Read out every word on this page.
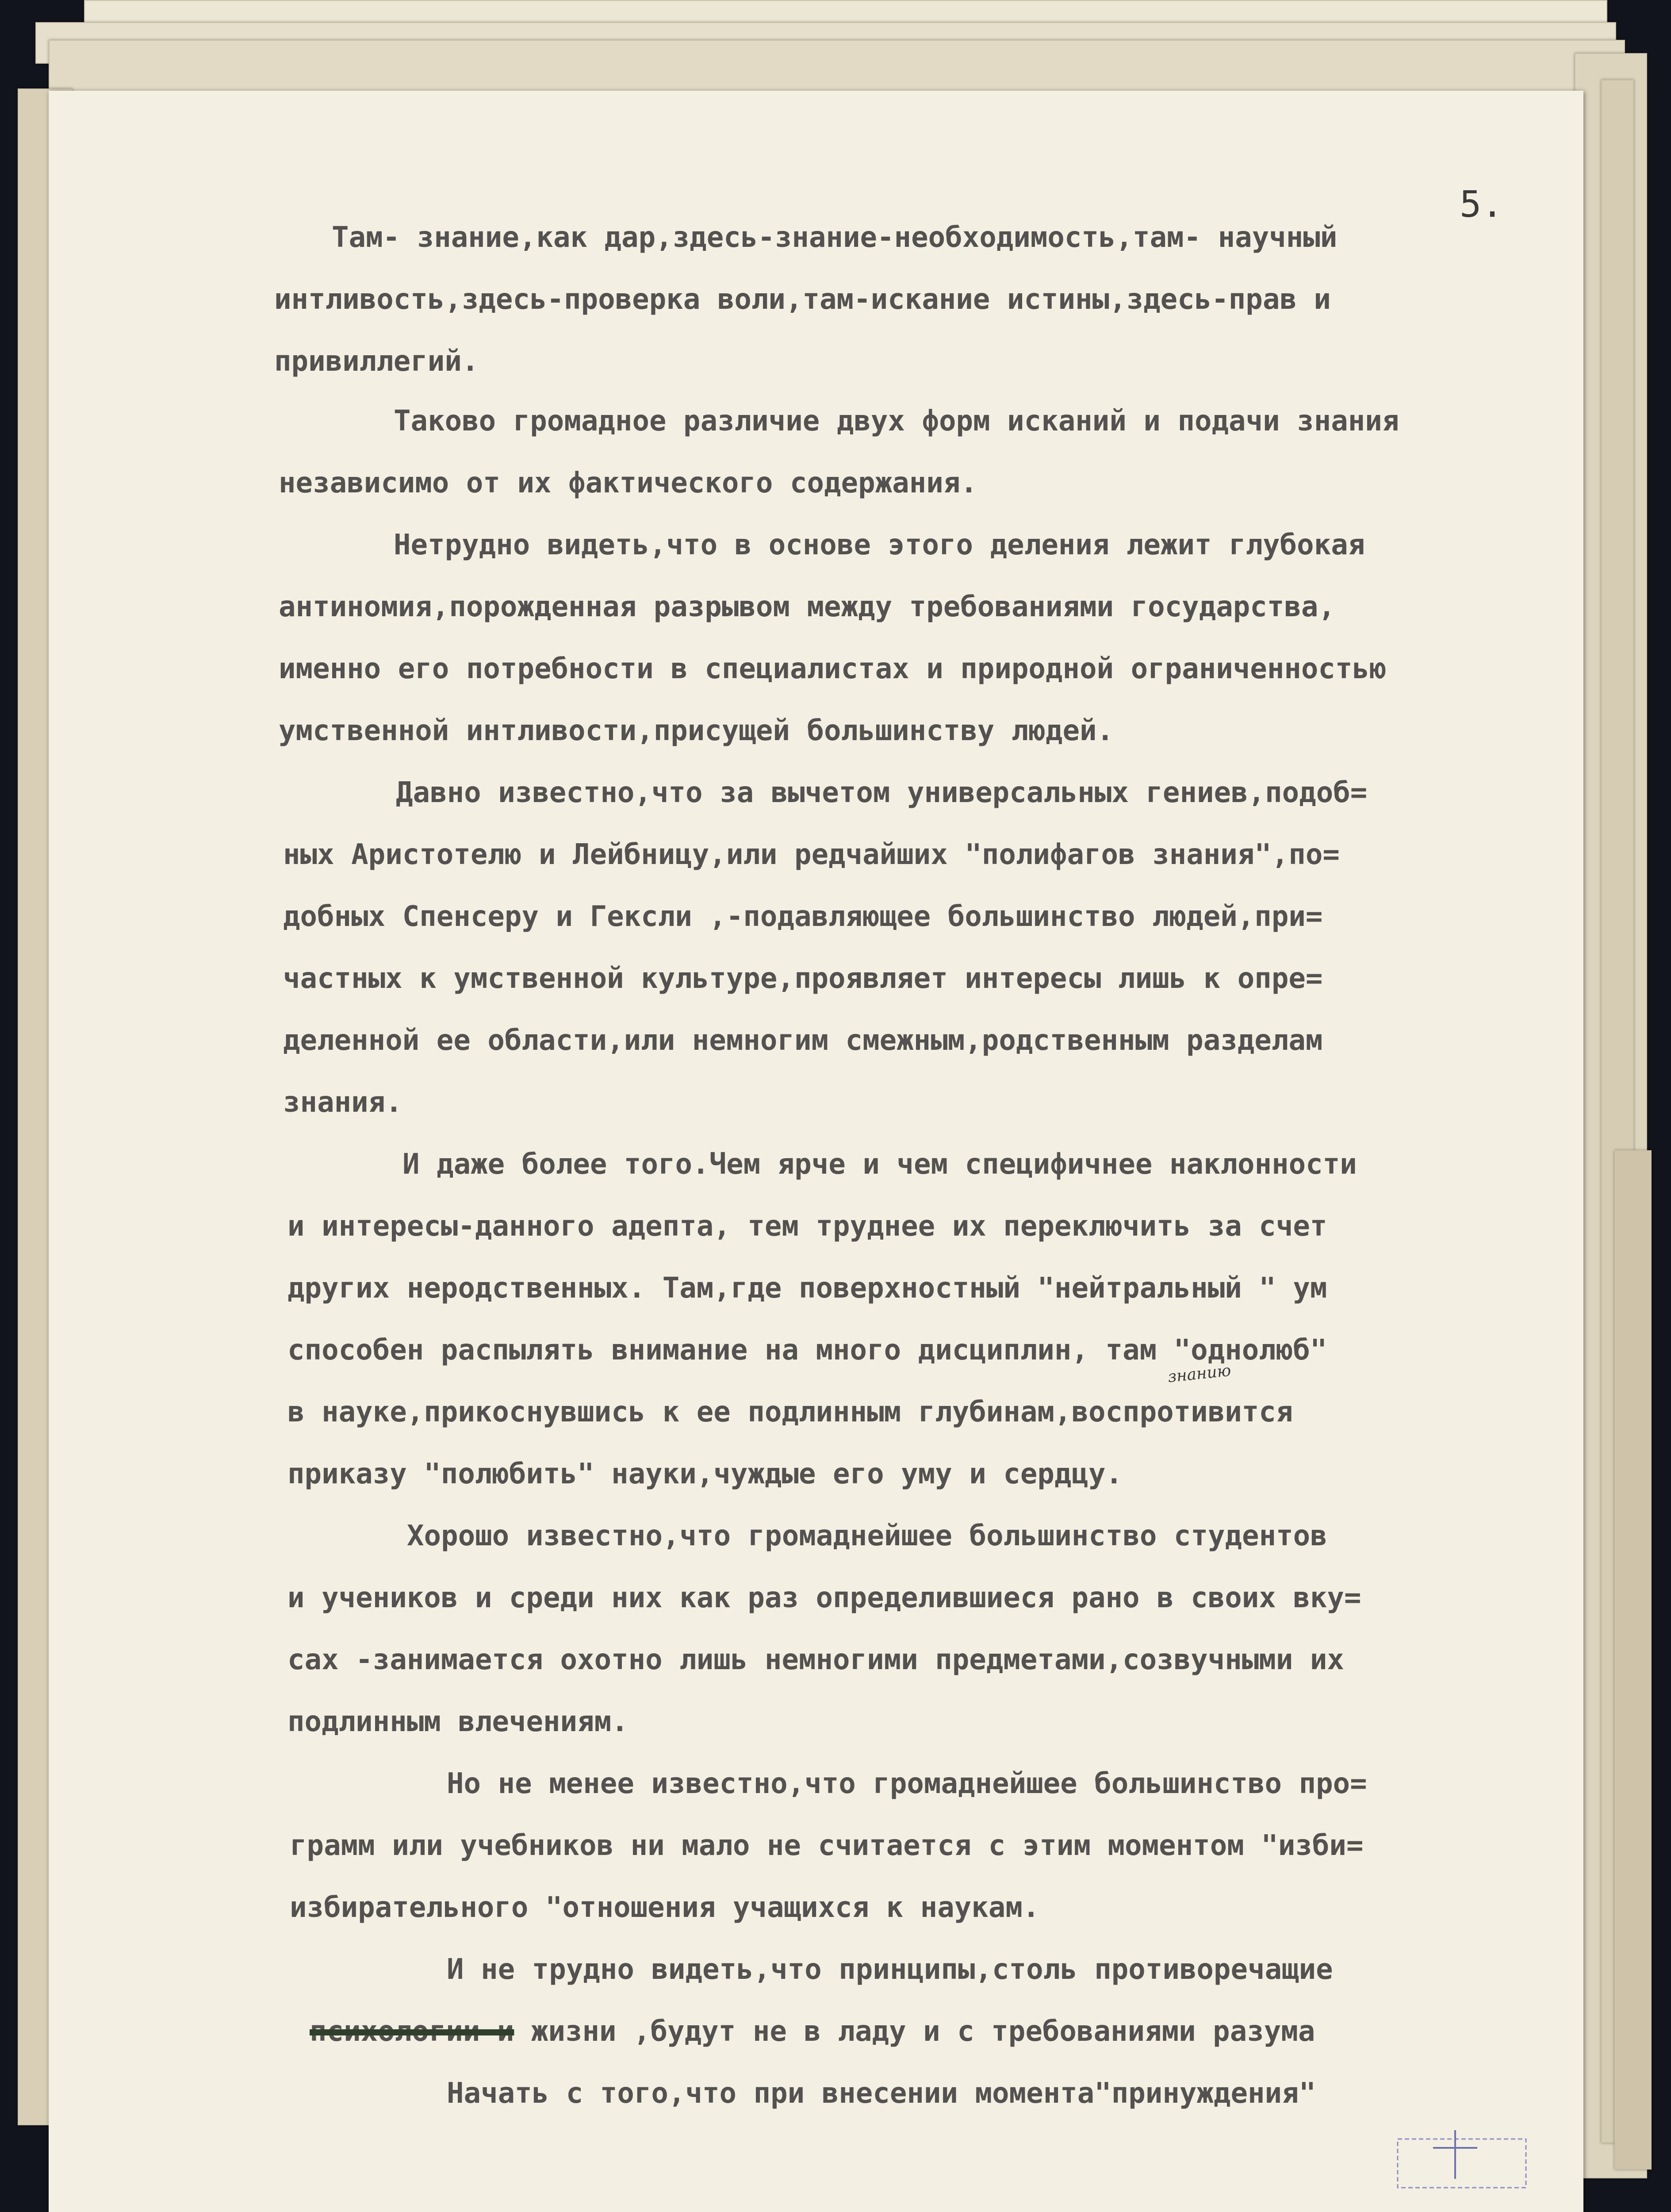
5.
Там- знание,как дар,здесь-знание-необходимость,там- научный
интливость,здесь-проверка воли,там-искание истины,здесь-прав и
привиллегий.
Таково громадное различие двух форм исканий и подачи знания
независимо от их фактического содержания.
Нетрудно видеть,что в основе этого деления лежит глубокая
антиномия,порожденная разрывом между требованиями государства,
именно его потребности в специалистах и природной ограниченностью
умственной интливости,присущей большинству людей.
Давно известно,что за вычетом универсальных гениев,подоб=
ных Аристотелю и Лейбницу,или редчайших "полифагов знания",по=
добных Спенсеру и Гексли ,-подавляющее большинство людей,при=
частных к умственной культуре,проявляет интересы лишь к опре=
деленной ее области,или немногим смежным,родственным разделам
знания.
И даже более того.Чем ярче и чем специфичнее наклонности
и интересы-данного адепта, тем труднее их переключить за счет
других неродственных. Там,где поверхностный "нейтральный " ум
способен распылять внимание на много дисциплин, там "однолюб"
знанию
в науке,прикоснувшись к ее подлинным глубинам,воспротивится
приказу "полюбить" науки,чуждые его уму и сердцу.
Хорошо известно,что громаднейшее большинство студентов
и учеников и среди них как раз определившиеся рано в своих вку=
сах -занимается охотно лишь немногими предметами,созвучными их
подлинным влечениям.
Но не менее известно,что громаднейшее большинство про=
грамм или учебников ни мало не считается с этим моментом "изби=
избирательного "отношения учащихся к наукам.
И не трудно видеть,что принципы,столь противоречащие
психологии и жизни ,будут не в ладу и с требованиями разума
Начать с того,что при внесении момента"принуждения"
